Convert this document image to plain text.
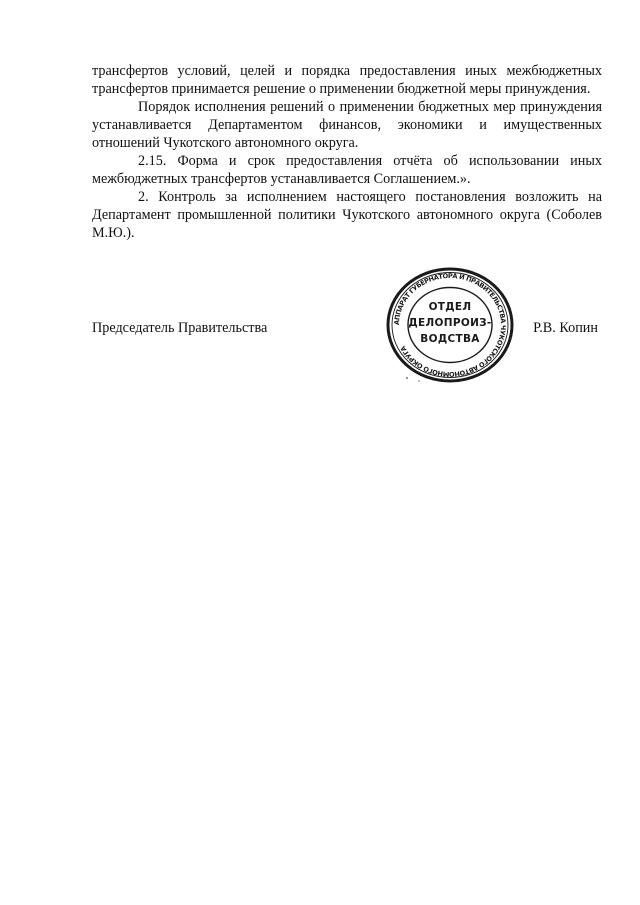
трансфертов условий, целей и порядка предоставления иных межбюджетных трансфертов принимается решение о применении бюджетной меры принуждения.

Порядок исполнения решений о применении бюджетных мер принуждения устанавливается Департаментом финансов, экономики и имущественных отношений Чукотского автономного округа.

2.15. Форма и срок предоставления отчёта об использовании иных межбюджетных трансфертов устанавливается Соглашением.».

2. Контроль за исполнением настоящего постановления возложить на Департамент промышленной политики Чукотского автономного округа (Соболев М.Ю.).

Председатель Правительства	Р.В. Копин
АППАРАТ ГУБЕРНАТОРА И ПРАВИТЕЛЬСТВА ЧУКОТСКОГО АВТОНОМНОГО ОКРУГА
ОТДЕЛ
ДЕЛОПРОИЗ-
ВОДСТВА
